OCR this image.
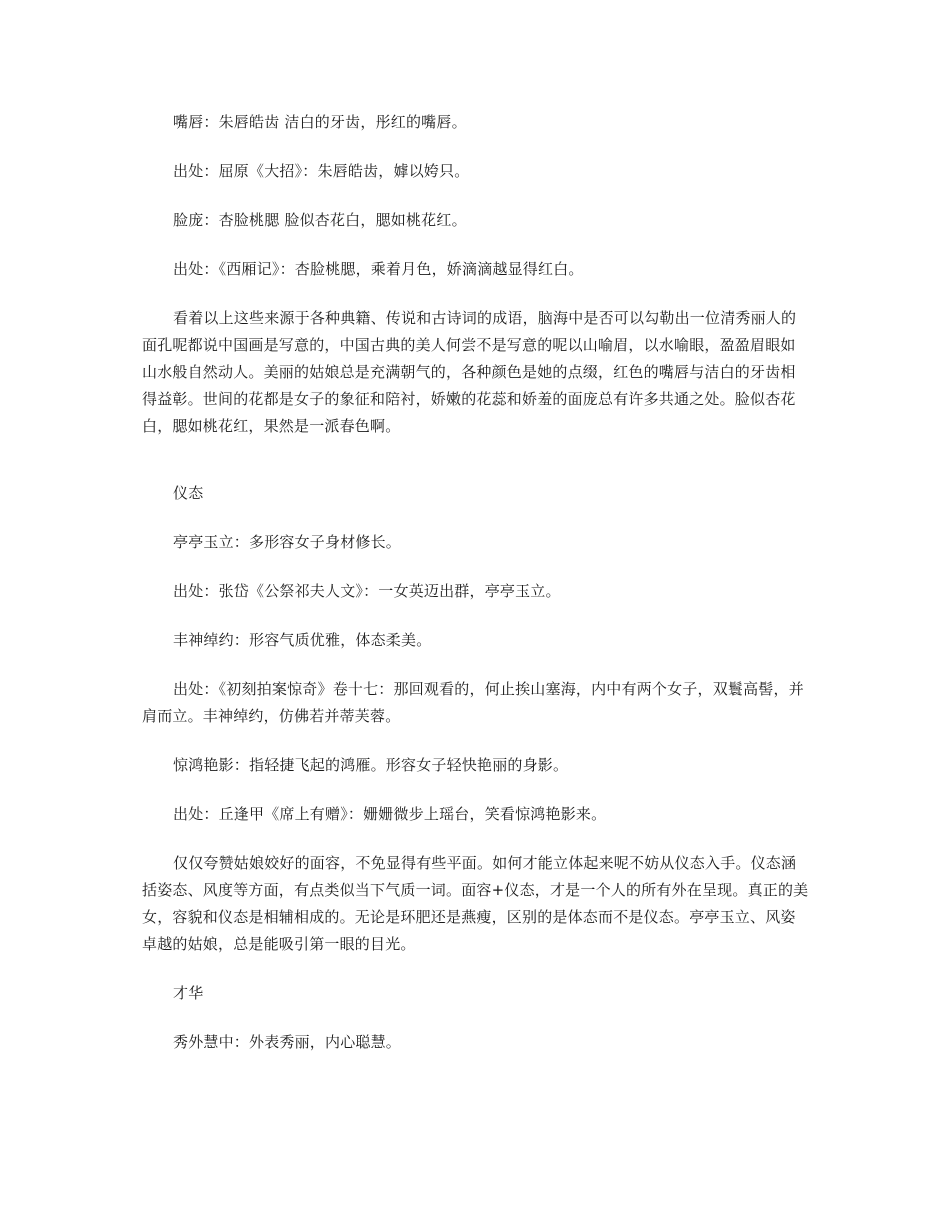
嘴唇：朱唇皓齿 洁白的牙齿，彤红的嘴唇。

出处：屈原《大招》：朱唇皓齿，嫭以姱只。

脸庞：杏脸桃腮 脸似杏花白，腮如桃花红。

出处：《西厢记》：杏脸桃腮，乘着月色，娇滴滴越显得红白。

看着以上这些来源于各种典籍、传说和古诗词的成语，脑海中是否可以勾勒出一位清秀丽人的面孔呢都说中国画是写意的，中国古典的美人何尝不是写意的呢以山喻眉，以水喻眼，盈盈眉眼如山水般自然动人。美丽的姑娘总是充满朝气的，各种颜色是她的点缀，红色的嘴唇与洁白的牙齿相得益彰。世间的花都是女子的象征和陪衬，娇嫩的花蕊和娇羞的面庞总有许多共通之处。脸似杏花白，腮如桃花红，果然是一派春色啊。

仪态

亭亭玉立：多形容女子身材修长。

出处：张岱《公祭祁夫人文》：一女英迈出群，亭亭玉立。

丰神绰约：形容气质优雅，体态柔美。

出处：《初刻拍案惊奇》卷十七：那回观看的，何止挨山塞海，内中有两个女子，双鬟高髻，并肩而立。丰神绰约，仿佛若并蒂芙蓉。

惊鸿艳影：指轻捷飞起的鸿雁。形容女子轻快艳丽的身影。

出处：丘逢甲《席上有赠》：姗姗微步上瑶台，笑看惊鸿艳影来。

仅仅夸赞姑娘姣好的面容，不免显得有些平面。如何才能立体起来呢不妨从仪态入手。仪态涵括姿态、风度等方面，有点类似当下气质一词。面容+仪态，才是一个人的所有外在呈现。真正的美女，容貌和仪态是相辅相成的。无论是环肥还是燕瘦，区别的是体态而不是仪态。亭亭玉立、风姿卓越的姑娘，总是能吸引第一眼的目光。

才华

秀外慧中：外表秀丽，内心聪慧。
